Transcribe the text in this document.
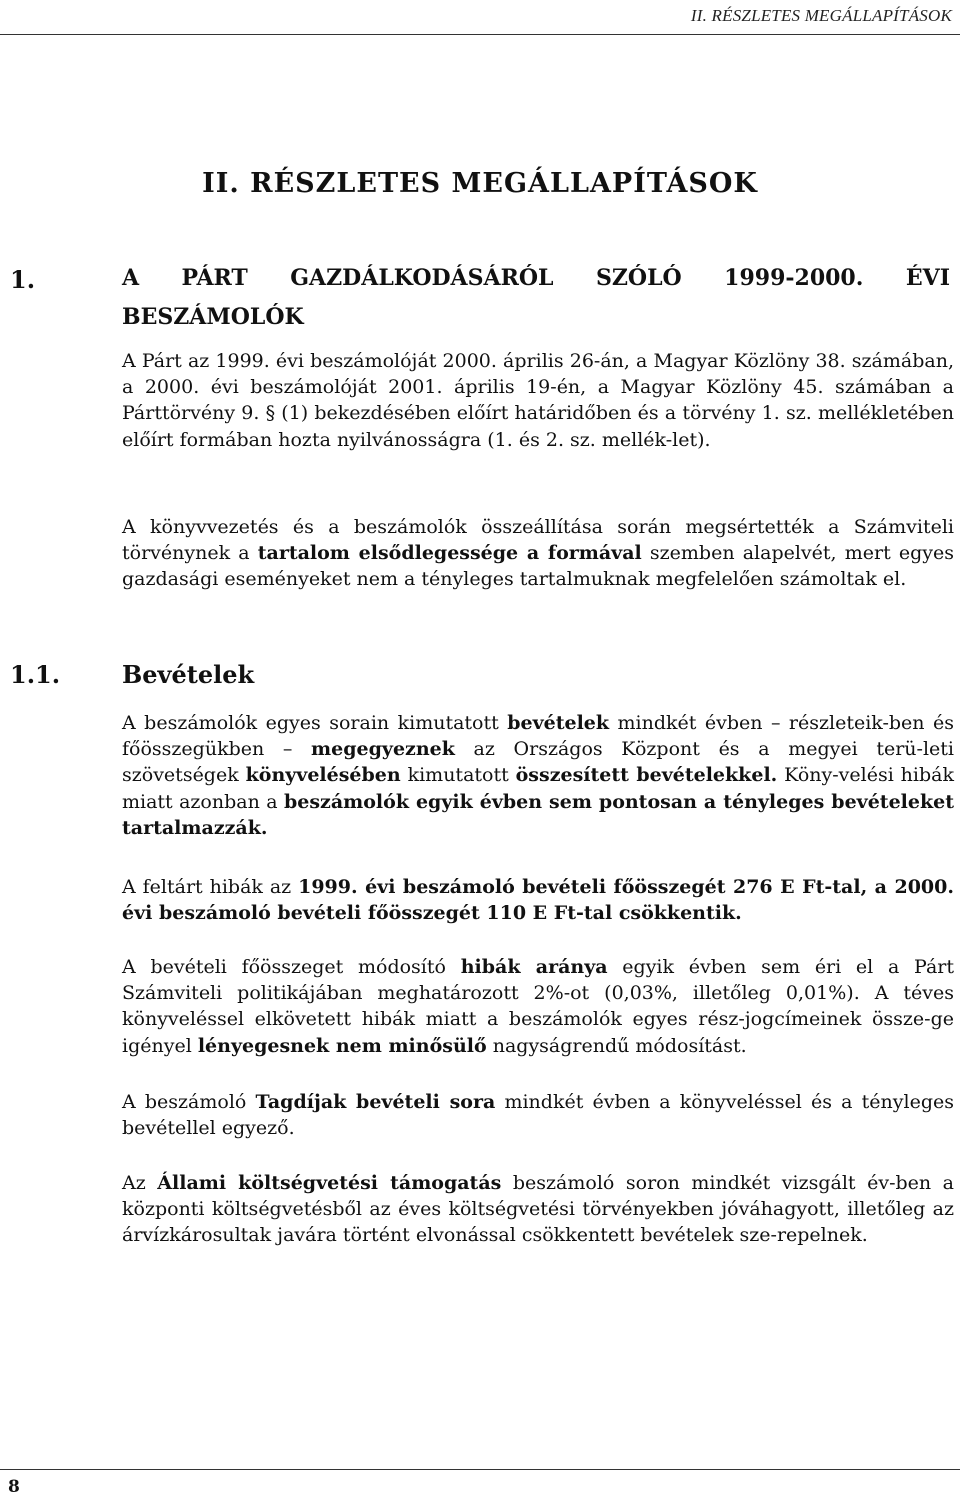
II. RÉSZLETES MEGÁLLAPÍTÁSOK
II. RÉSZLETES MEGÁLLAPÍTÁSOK
1.	A PÁRT GAZDÁLKODÁSÁRÓL SZÓLÓ 1999-2000. ÉVI
BESZÁMOLÓK
A Párt az 1999. évi beszámolóját 2000. április 26-án, a Magyar Közlöny 38. számában, a 2000. évi beszámolóját 2001. április 19-én, a Magyar Közlöny 45. számában a Párttörvény 9. § (1) bekezdésében előírt határidőben és a törvény 1. sz. mellékletében előírt formában hozta nyilvánosságra (1. és 2. sz. mellék-let).
A könyvvezetés és a beszámolók összeállítása során megsértették a Számviteli törvénynek a tartalom elsődlegessége a formával szemben alapelvét, mert egyes gazdasági eseményeket nem a tényleges tartalmuknak megfelelően számoltak el.
1.1.	Bevételek
A beszámolók egyes sorain kimutatott bevételek mindkét évben – részleteik-ben és főösszegükben – megegyeznek az Országos Központ és a megyei terü-leti szövetségek könyvelésében kimutatott összesített bevételekkel. Köny-velési hibák miatt azonban a beszámolók egyik évben sem pontosan a tényleges bevételeket tartalmazzák.
A feltárt hibák az 1999. évi beszámoló bevételi főösszegét 276 E Ft-tal, a 2000. évi beszámoló bevételi főösszegét 110 E Ft-tal csökkentik.
A bevételi főösszeget módosító hibák aránya egyik évben sem éri el a Párt Számviteli politikájában meghatározott 2%-ot (0,03%, illetőleg 0,01%). A téves könyveléssel elkövetett hibák miatt a beszámolók egyes rész-jogcímeinek össze-ge igényel lényegesnek nem minősülő nagyságrendű módosítást.
A beszámoló Tagdíjak bevételi sora mindkét évben a könyveléssel és a tényleges bevétellel egyező.
Az Állami költségvetési támogatás beszámoló soron mindkét vizsgált év-ben a központi költségvetésből az éves költségvetési törvényekben jóváhagyott, illetőleg az árvízkárosultak javára történt elvonással csökkentett bevételek sze-repelnek.
8
